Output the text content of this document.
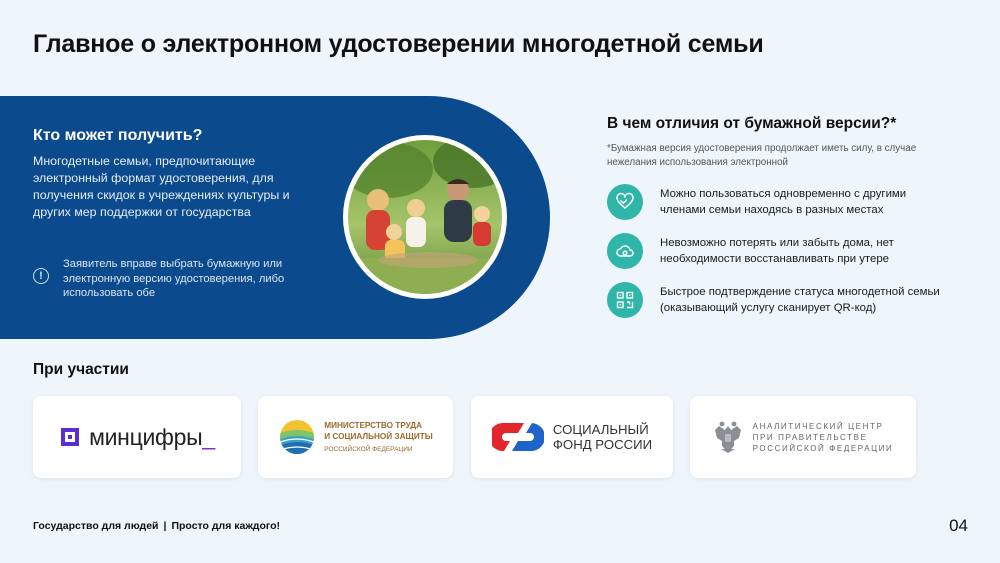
Главное о электронном удостоверении многодетной семьи
Кто может получить?
Многодетные семьи, предпочитающие электронный формат удостоверения, для получения скидок в учреждениях культуры и других мер поддержки от государства
!
Заявитель вправе выбрать бумажную или электронную версию удостоверения, либо использовать обе
В чем отличия от бумажной версии?*
*Бумажная версия удостоверения продолжает иметь силу, в случае нежелания использования электронной
Можно пользоваться одновременно с другими членами семьи находясь в разных местах
Невозможно потерять или забыть дома, нет необходимости восстанавливать при утере
Быстрое подтверждение статуса многодетной семьи (оказывающий услугу сканирует QR-код)
При участии
минцифры_	МИНИСТЕРСТВО ТРУДА
И СОЦИАЛЬНОЙ ЗАЩИТЫ
РОССИЙСКОЙ ФЕДЕРАЦИИ
СОЦИАЛЬНЫЙ
ФОНД РОССИИ
АНАЛИТИЧЕСКИЙ ЦЕНТР
ПРИ ПРАВИТЕЛЬСТВЕ
РОССИЙСКОЙ ФЕДЕРАЦИИ
Государство для людей | Просто для каждого!	04
